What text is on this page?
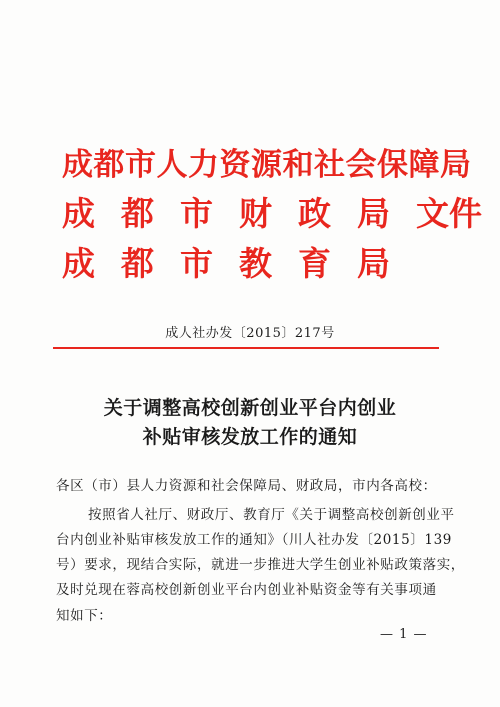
成都市人力资源和社会保障局
成都市财政局文件
成都市教育局
成人社办发〔2015〕217号
关于调整高校创新创业平台内创业
补贴审核发放工作的通知
各区（市）县人力资源和社会保障局、财政局，市内各高校：
按照省人社厅、财政厅、教育厅《关于调整高校创新创业平
台内创业补贴审核发放工作的通知》（川人社办发〔2015〕139
号）要求，现结合实际，就进一步推进大学生创业补贴政策落实，
及时兑现在蓉高校创新创业平台内创业补贴资金等有关事项通
知如下：
— 1 —
